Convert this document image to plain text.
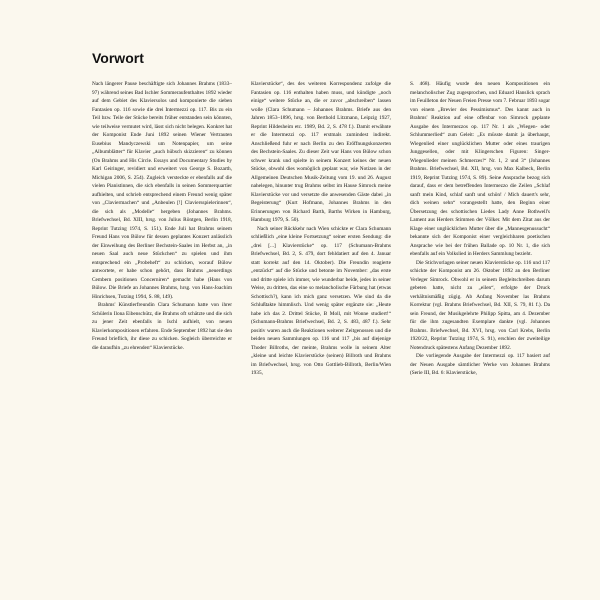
Vorwort

Nach längerer Pause beschäftigte sich Johannes Brahms (1833–97) während seines Bad Ischler Sommeraufenthaltes 1892 wieder auf dem Gebiet des Klaviersolos und komponierte die sieben Fantasien op. 116 sowie die drei Intermezzi op. 117. Bis zu ein Teil bzw. Teile der Stücke bereits früher entstanden sein könnten, wie teilweise vermutet wird, lässt sich nicht belegen. Konkret hat der Komponist Ende Juni 1892 seinen Wiener Vertrauten Eusebius Mandyczewski um Notenpapier, um seine „Albumblätter“ für Klavier „auch hübsch skizzieren“ zu können (On Brahms and His Circle. Essays and Documentary Studies by Karl Geiringer, revidiert und erweitert von George S. Bozarth, Michigan 2006, S. 254). Zugleich versteckte er ebenfalls auf die vielen Pianistinnen, die sich ebenfalls in seinen Sommerquartier aufhielten, und schrieb entsprechend einem Freund wenig später von „Claviermachen“ und „Anbeulen [!] Claviersspielerinnen“, die sich als „Modelle“ hergeben (Johannes Brahms. Briefwechsel, Bd. XIII, hrsg. von Julius Röntgen, Berlin 1918, Reprint Tutzing 1974, S. 151). Ende Juli hat Brahms seinem Freund Hans von Bülow für dessen geplantes Konzert anlässlich der Einweihung des Berliner Bechstein-Saales im Herbst an, „in neuen Saal auch neue Stückchen“ zu spielen und ihm entsprechend ein „Probeheft“ zu schicken, worauf Bülow antwortete, er habe schon gehört, dass Brahms „neuerdings Cembern positionen Concerniren“ gemacht habe (Hans von Bülow. Die Briefe an Johannes Brahms, hrsg. von Hans-Joachim Hinrichsen, Tutzing 1994, S. 88, 149).

Brahms' Künstlerfreundin Clara Schumann hatte von ihrer Schülerin Ilona Eibenschütz, die Brahms oft schätzte und die sich zu jener Zeit ebenfalls in Ischl aufhielt, von neuen Klavierkompositionen erfahren. Ende September 1892 hat sie den Freund brieflich, ihr diese zu schicken. Sogleich überreichte er die daraufhin „zu ehrenden“ Klavierstücke.

Klavierstücke“, des des weiteren Korrespondenz zufolge die Fantasien op. 116 enthalten haben muss, und kündigte „noch einige“ weitere Stücke an, die er zuvor „abschreiben“ lassen wolle (Clara Schumann – Johannes Brahms. Briefe aus den Jahren 1853–1896, hrsg. von Berthold Litzmann, Leipzig 1927, Reprint Hildesheim etc. 1989, Bd. 2, S. 478 f.). Damit erwähnte er die Intermezzi op. 117 erstmals zumindest indirekt. Anschließend fuhr er nach Berlin zu den Eröffnungskonzerten des Bechstein-Saales. Zu dieser Zeit war Hans von Bülow schon schwer krank und spielte in seinem Konzert keines der neuen Stücke, obwohl dies womöglich geplant war, wie Notizen in der Allgemeinen Deutschen Musik-Zeitung vom 19. und 26. August nahelegen, hinunter trug Brahms selbst im Hause Simrock meine Klavierstücke vor und versetzte die anwesenden Gäste dabei „in Begeisterung“ (Kurt Hofmann, Johannes Brahms in den Erinnerungen von Richard Barth, Barths Wirken in Hamburg, Hamburg 1979, S. 50).

Nach seiner Rückkehr nach Wien schickte er Clara Schumann schließlich „eine kleine Fortsetzung“ seiner ersten Sendung: die „drei [...] Klavierstücke“ op. 117 (Schumann-Brahms Briefwechsel, Bd. 2, S. 479, dort fehldatiert auf den 4. Januar statt korrekt auf den 14. Oktober). Die Freundin reagierte „entzückt“ auf die Stücke und betonte im November: „das erste und dritte spiele ich immer, wie wunderbar beide, jedes in seiner Weise, zu dritten, das eine so melancholische Färbung hat (etwas Schottisch?), kann ich mich ganz versetzen. Wie sind da die Schlußtakte himmlisch. Und wenig später ergänzte sie: „Heute habe ich das 2. Drittel Stücke, B Moll, mit Wonne studiert!“ (Schumann-Brahms Briefwechsel, Bd. 2, S. 483, 487 f.). Sehr positiv waren auch die Reaktionen weiterer Zeitgenossen und die beiden neuen Sammlungen op. 116 und 117 „bis auf diejenige Thoder Billroths, der meinte, Brahms wolle in seinem Alter „kleine und leichte Klavierstücke (seinen) Billroth und Brahms im Briefwechsel, hrsg. von Otto Gottlieb-Billroth, Berlin/Wien 1935,

S. 468). Häufig wurde den neuen Kompositionen ein melancholischer Zug zugesprochen, und Eduard Hanslick sprach im Feuilleton der Neuen Freien Presse vom 7. Februar 1893 sogar von einem „Brevier des Pessimismus“. Des kannt auch in Brahms' Reaktion auf eine offenbar von Simrock geplante Ausgabe des Intermezzos op. 117 Nr. 1 als „Wiegen- oder Schlummerlied“ zum Geleit: „Es müsste damit ja überhaupt, Wiegenlied einer unglücklichen Mutter oder eines traurigen Junggesellen, oder mit Klingerschen Figuren: Singer-Wiegenlieder meinen Schmerzes!“ Nr. 1, 2 und 3“ (Johannes Brahms. Briefwechsel, Bd. XII, hrsg. von Max Kalbeck, Berlin 1919, Reprint Tutzing 1974, S. 89). Seine Ansprache bezog sich darauf, dass er dem betreffenden Intermezzo die Zeilen „Schlaf sanft mein Kind, schlaf sanft und schön! / Mich dauert's sehr, dich weinen sehn“ vorangestellt hatte, den Beginn einer Übersetzung des schottischen Liedes Lady Anne Bothwell's Lament aus Herders Stimmen der Völker. Mit dem Zitat aus der Klage einer unglücklichen Mutter über die „Mannesgenussucht“ bekannte sich der Komponist einer vergleichbaren poetischen Ansprache wie bei der frühen Ballade op. 10 Nr. 1, die sich ebenfalls auf ein Volkslied in Herders Sammlung bezieht.

Die Stichvorlagen seiner neuen Klavierstücke op. 116 und 117 schickte der Komponist am 26. Oktober 1892 an den Berliner Verleger Simrock. Obwohl er in seinem Begleitschreiben darum gebeten hatte, nicht zu „eilen“, erfolgte der Druck verhältnismäßig zügig. Ab Anfang November las Brahms Korrektur (vgl. Brahms Briefwechsel, Bd. XII, S. 79, 81 f.). Da sein Freund, der Musikgelehrte Philipp Spitta, am 4. Dezember für die ihm zugesandten Exemplare dankte (vgl. Johannes Brahms. Briefwechsel, Bd. XVI, hrsg. von Carl Krebs, Berlin 1920/22, Reprint Tutzing 1974, S. 91), erschien der zweiteilige Notendruck spätestens Anfang Dezember 1892.

Die vorliegende Ausgabe der Intermezzi op. 117 basiert auf der Neuen Ausgabe sämtlicher Werke von Johannes Brahms (Serie III, Bd. 6: Klavierstücke,
